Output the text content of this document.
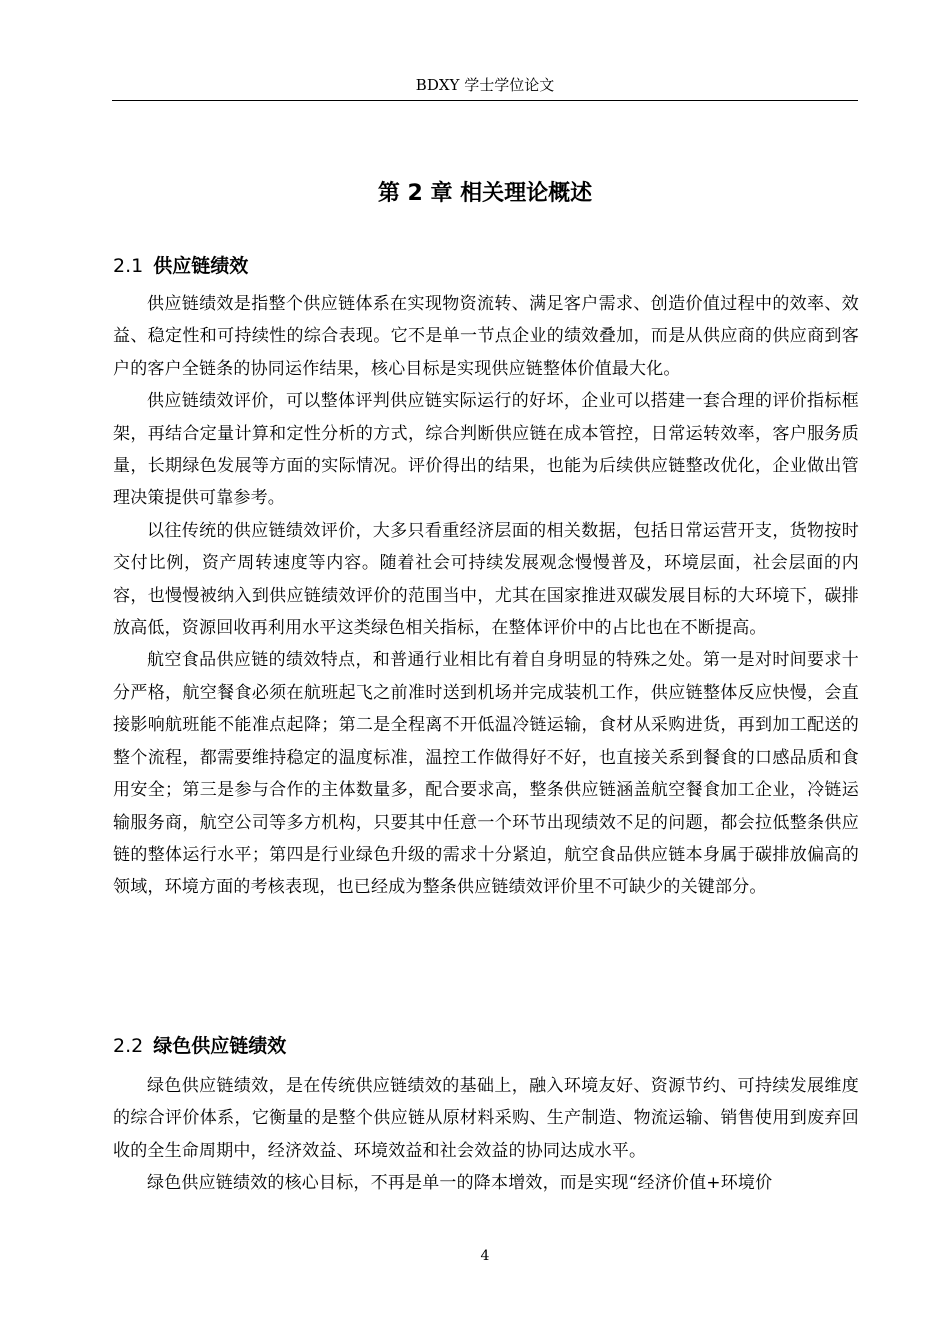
BDXY 学士学位论文
第 2 章 相关理论概述
2.1 供应链绩效

供应链绩效是指整个供应链体系在实现物资流转、满足客户需求、创造价值过程中的效率、效益、稳定性和可持续性的综合表现。它不是单一节点企业的绩效叠加，而是从供应商的供应商到客户的客户全链条的协同运作结果，核心目标是实现供应链整体价值最大化。

供应链绩效评价，可以整体评判供应链实际运行的好坏，企业可以搭建一套合理的评价指标框架，再结合定量计算和定性分析的方式，综合判断供应链在成本管控，日常运转效率，客户服务质量，长期绿色发展等方面的实际情况。评价得出的结果，也能为后续供应链整改优化，企业做出管理决策提供可靠参考。

以往传统的供应链绩效评价，大多只看重经济层面的相关数据，包括日常运营开支，货物按时交付比例，资产周转速度等内容。随着社会可持续发展观念慢慢普及，环境层面，社会层面的内容，也慢慢被纳入到供应链绩效评价的范围当中，尤其在国家推进双碳发展目标的大环境下，碳排放高低，资源回收再利用水平这类绿色相关指标，在整体评价中的占比也在不断提高。

航空食品供应链的绩效特点，和普通行业相比有着自身明显的特殊之处。第一是对时间要求十分严格，航空餐食必须在航班起飞之前准时送到机场并完成装机工作，供应链整体反应快慢，会直接影响航班能不能准点起降；第二是全程离不开低温冷链运输，食材从采购进货，再到加工配送的整个流程，都需要维持稳定的温度标准，温控工作做得好不好，也直接关系到餐食的口感品质和食用安全；第三是参与合作的主体数量多，配合要求高，整条供应链涵盖航空餐食加工企业，冷链运输服务商，航空公司等多方机构，只要其中任意一个环节出现绩效不足的问题，都会拉低整条供应链的整体运行水平；第四是行业绿色升级的需求十分紧迫，航空食品供应链本身属于碳排放偏高的领域，环境方面的考核表现，也已经成为整条供应链绩效评价里不可缺少的关键部分。

2.2 绿色供应链绩效

绿色供应链绩效，是在传统供应链绩效的基础上，融入环境友好、资源节约、可持续发展维度的综合评价体系，它衡量的是整个供应链从原材料采购、生产制造、物流运输、销售使用到废弃回收的全生命周期中，经济效益、环境效益和社会效益的协同达成水平。

绿色供应链绩效的核心目标，不再是单一的降本增效，而是实现“经济价值+环境价

4
